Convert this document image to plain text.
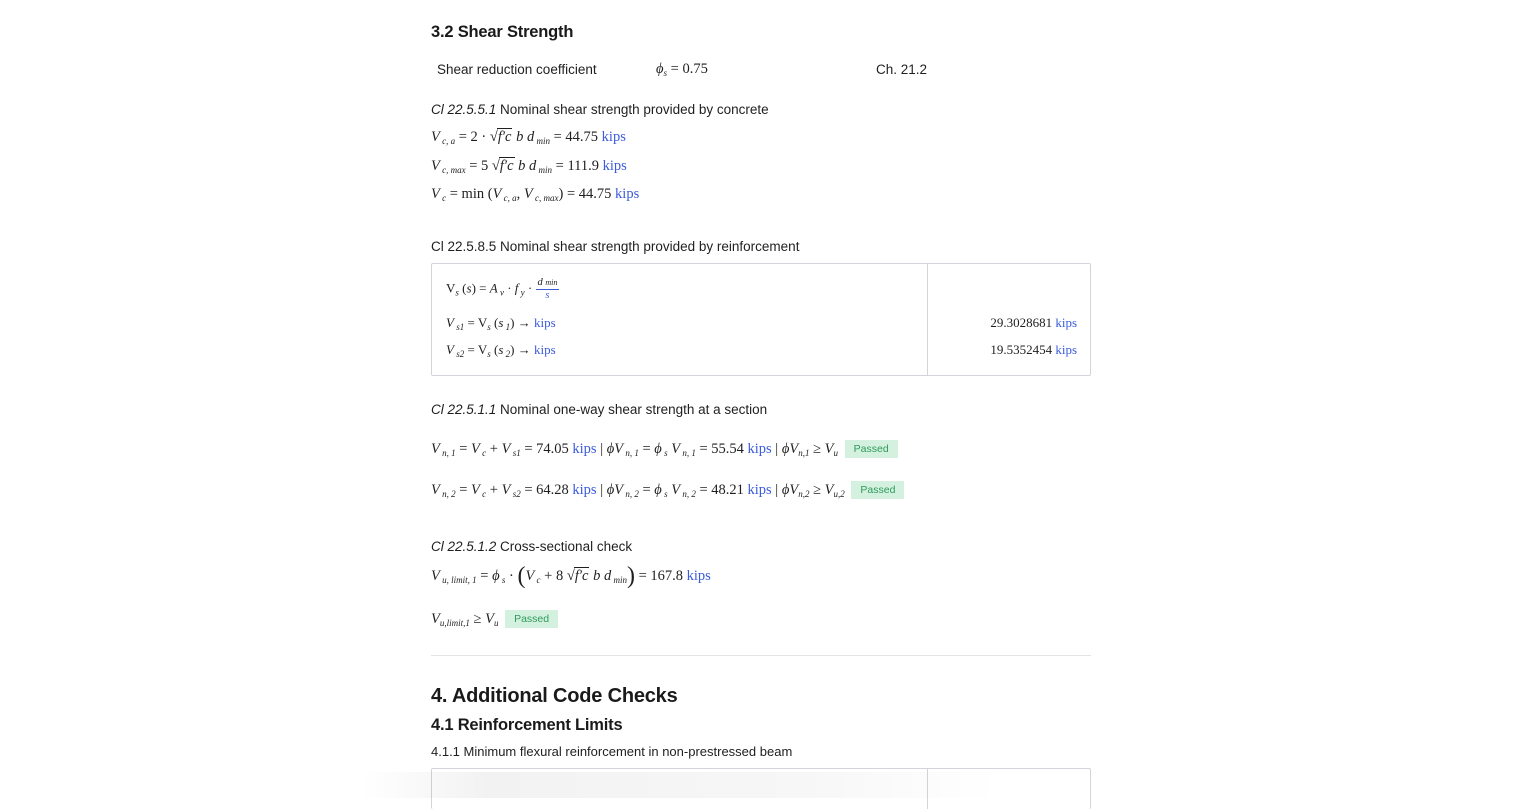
3.2 Shear Strength
Shear reduction coefficient	$\phi_s = 0.75$	Ch. 21.2
Cl 22.5.5.1 Nominal shear strength provided by concrete
V $_{c, a}$ = 2 · √f′c b d $_{min}$ = 44.75 kips
V $_{c, max}$ = 5 √f′c b d $_{min}$ = 111.9 kips
V $_c$ = min (V $_{c, a}$, V $_{c, max}$) = 44.75 kips
Cl 22.5.8.5 Nominal shear strength provided by reinforcement
$V_s$ (s) = A $_v$ · f $_y \cdot \frac{\text{d min}}{s}$
V $_{s1} = V_s$ (s $_1$) → kips
V $_{s2} = V_s$ (s $_2$) → kips
29.3028681 kips
19.5352454 kips
Cl 22.5.1.1 Nominal one-way shear strength at a section
V $_{n, 1}$ = V $_c$ + V $_{s1}$ = 74.05 kips | ϕV $_{n, 1}$ = ϕ $_s$ V $_{n, 1}$ = 55.54 kips | $\phi V_{n,1} \ge V_u$ Passed
V $_{n, 2}$ = V $_c$ + V $_{s2}$ = 64.28 kips | ϕV $_{n, 2}$ = ϕ $_s$ V $_{n, 2}$ = 48.21 kips | $\phi V_{n,2} \ge V_{u,2}$ Passed
Cl 22.5.1.2 Cross-sectional check
V $_{u, limit, 1}$ = ϕ $_s$ · (V $_c$ + 8 √f′c b d $_{min}$) = 167.8 kips
$V_{u,limit,1} \ge V_u$ Passed
4. Additional Code Checks
4.1 Reinforcement Limits
4.1.1 Minimum flexural reinforcement in non-prestressed beam
